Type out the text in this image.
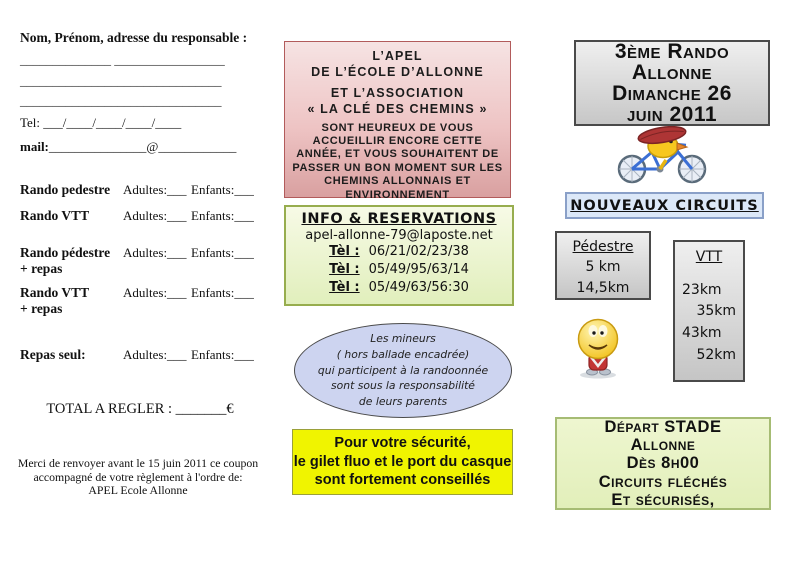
Nom, Prénom, adresse du responsable :
______________ _________________
_______________________________
_______________________________
Tel: ___/____/____/____/____
mail:_______________@____________
Rando pedestre Adultes:___ Enfants:___
Rando VTT	Adultes:___ Enfants:___
Rando pédestre
+ repas
Adultes:___ Enfants:___
Rando VTT
+ repas
Adultes:___ Enfants:___
Repas seul:	Adultes:___ Enfants:___
TOTAL A REGLER : _______€
Merci de renvoyer avant le 15 juin 2011 ce coupon
accompagné de votre règlement à l'ordre de:
APEL Ecole Allonne
L’APEL
DE L’ÉCOLE D’ALLONNE
ET L’ASSOCIATION
« LA CLÉ DES CHEMINS »
SONT HEUREUX DE VOUS ACCUEILLIR ENCORE CETTE ANNÉE, ET VOUS SOUHAITENT DE PASSER UN BON MOMENT SUR LES CHEMINS ALLONNAIS ET ENVIRONNEMENT
INFO & RESERVATIONS
apel-allonne-79@laposte.net
Tèl : 06/21/02/23/38
Tèl : 05/49/95/63/14
Tèl : 05/49/63/56:30
Les mineurs
( hors ballade encadrée)
qui participent à la randoonnée
sont sous la responsabilité
de leurs parents
Pour votre sécurité,
le gilet fluo et le port du casque
sont fortement conseillés
3ème Rando
Allonne
Dimanche 26
juin 2011
NOUVEAUX CIRCUITS
Pédestre
5 km
14,5km
VTT
23km
35km
43km
52km
Départ STADE
Allonne
Dès 8h00
Circuits fléchés
Et sécurisés,
